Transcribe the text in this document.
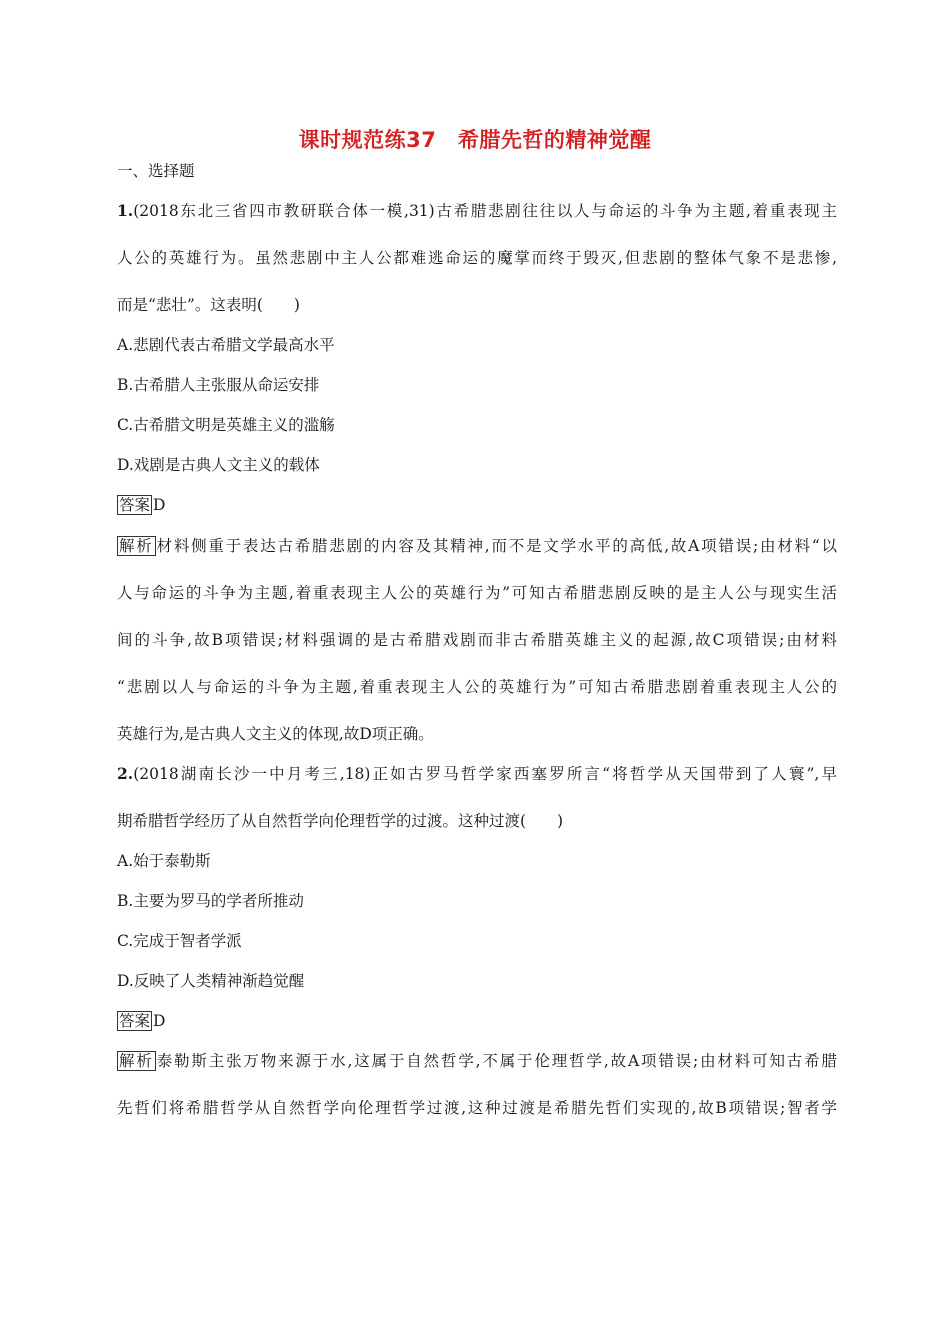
课时规范练37　希腊先哲的精神觉醒
一、选择题
1.(2018东北三省四市教研联合体一模,31)古希腊悲剧往往以人与命运的斗争为主题,着重表现主
人公的英雄行为。虽然悲剧中主人公都难逃命运的魔掌而终于毁灭,但悲剧的整体气象不是悲惨,
而是“悲壮”。这表明(　　)
A.悲剧代表古希腊文学最高水平
B.古希腊人主张服从命运安排
C.古希腊文明是英雄主义的滥觞
D.戏剧是古典人文主义的载体
答案 D
解析 材料侧重于表达古希腊悲剧的内容及其精神,而不是文学水平的高低,故A项错误;由材料“以
人与命运的斗争为主题,着重表现主人公的英雄行为”可知古希腊悲剧反映的是主人公与现实生活
间的斗争,故B项错误;材料强调的是古希腊戏剧而非古希腊英雄主义的起源,故C项错误;由材料
“悲剧以人与命运的斗争为主题,着重表现主人公的英雄行为”可知古希腊悲剧着重表现主人公的
英雄行为,是古典人文主义的体现,故D项正确。
2.(2018湖南长沙一中月考三,18)正如古罗马哲学家西塞罗所言“将哲学从天国带到了人寰”,早
期希腊哲学经历了从自然哲学向伦理哲学的过渡。这种过渡(　　)
A.始于泰勒斯
B.主要为罗马的学者所推动
C.完成于智者学派
D.反映了人类精神渐趋觉醒
答案 D
解析 泰勒斯主张万物来源于水,这属于自然哲学,不属于伦理哲学,故A项错误;由材料可知古希腊
先哲们将希腊哲学从自然哲学向伦理哲学过渡,这种过渡是希腊先哲们实现的,故B项错误;智者学
